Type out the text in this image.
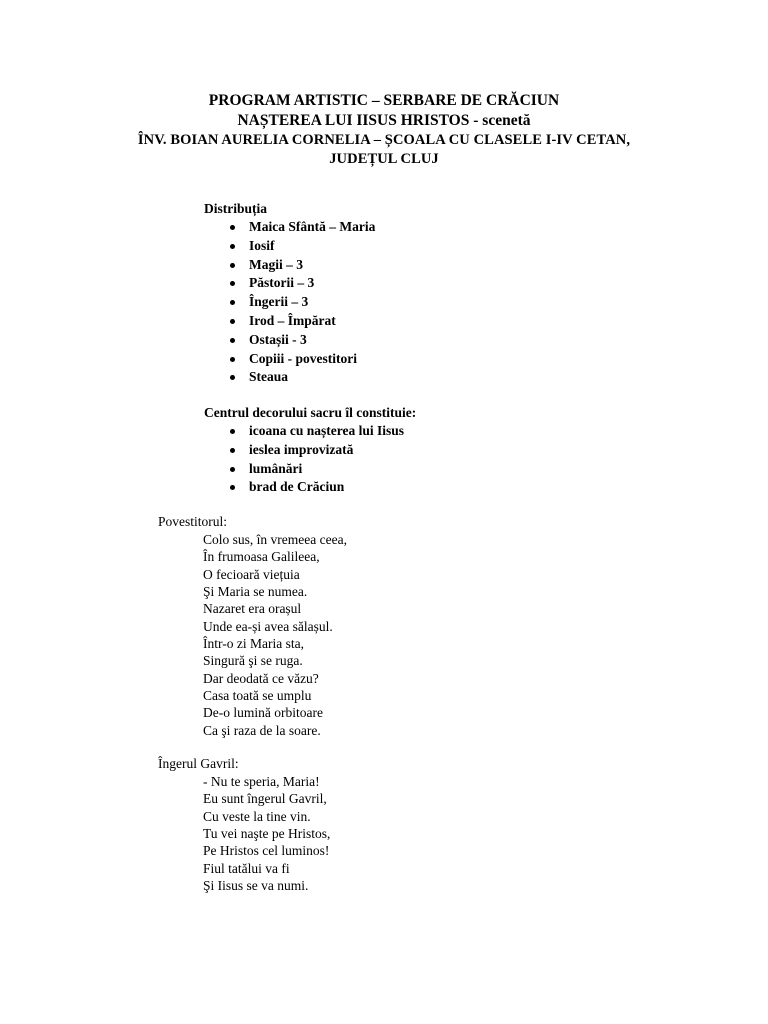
PROGRAM ARTISTIC – SERBARE DE CRĂCIUN

NAȘTEREA LUI IISUS HRISTOS - scenetă

ÎNV. BOIAN AURELIA CORNELIA – ȘCOALA CU CLASELE I-IV CETAN,

JUDEȚUL CLUJ

Distribuția

Maica Sfântă – Maria
Iosif
Magii – 3
Păstorii – 3
Îngerii – 3
Irod – Împărat
Ostașii - 3
Copiii - povestitori
Steaua

Centrul decorului sacru îl constituie:

icoana cu nașterea lui Iisus
ieslea improvizată
lumânări
brad de Crăciun

Povestitorul:

Colo sus, în vremeea ceea,

În frumoasa Galileea,

O fecioară viețuia

Şi Maria se numea.

Nazaret era orașul

Unde ea-și avea sălașul.

Într-o zi Maria sta,

Singură şi se ruga.

Dar deodată ce văzu?

Casa toată se umplu

De-o lumină orbitoare

Ca şi raza de la soare.

Îngerul Gavril:

- Nu te speria, Maria!

Eu sunt îngerul Gavril,

Cu veste la tine vin.

Tu vei naşte pe Hristos,

Pe Hristos cel luminos!

Fiul tatălui va fi

Şi Iisus se va numi.
